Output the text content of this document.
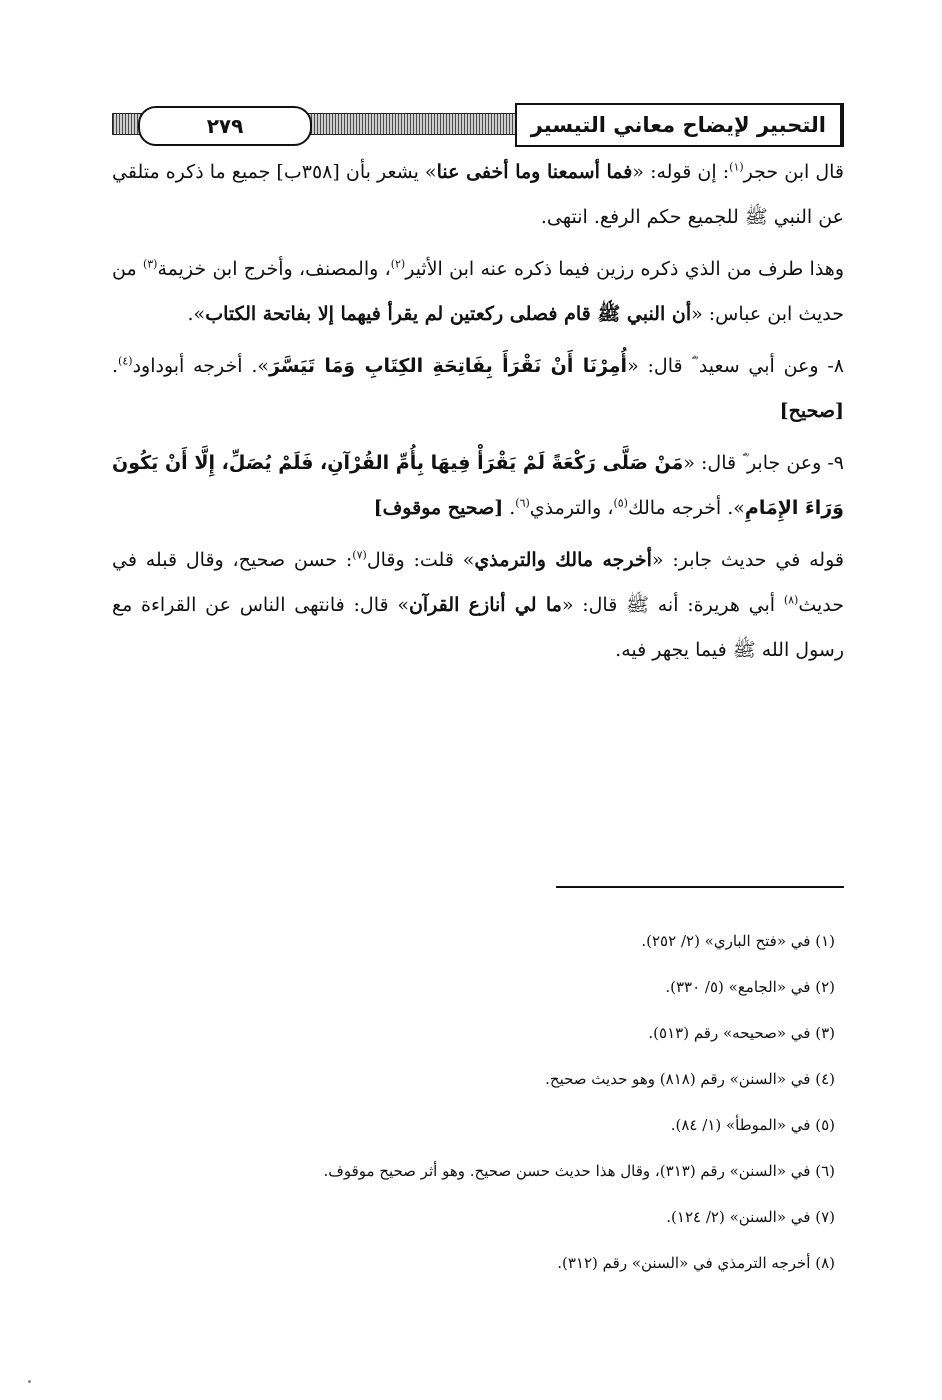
٢٧٩	التحبير لإيضاح معاني التيسير

قال ابن حجر$^{(١)}$: إن قوله: «فما أسمعنا وما أخفى عنا» يشعر بأن [٣٥٨ب] جميع ما ذكره متلقي عن النبي ﷺ للجميع حكم الرفع. انتهى.

وهذا طرف من الذي ذكره رزين فيما ذكره عنه ابن الأثير$^{(٢)}$، والمصنف، وأخرج ابن خزيمة$^{(٣)}$ من حديث ابن عباس: «أن النبي ﷺ قام فصلى ركعتين لم يقرأ فيهما إلا بفاتحة الكتاب».

٨- وعن أبي سعيد ؓ قال: «أُمِرْنَا أَنْ نَقْرَأَ بِفَاتِحَةِ الكِتَابِ وَمَا تَيَسَّرَ». أخرجه أبوداود$^{(٤)}$. [صحيح]

٩- وعن جابر ؓ قال: «مَنْ صَلَّى رَكْعَةً لَمْ يَقْرَأْ فِيهَا بِأُمِّ القُرْآنِ، فَلَمْ يُصَلِّ، إِلَّا أَنْ يَكُونَ وَرَاءَ الإِمَامِ». أخرجه مالك$^{(٥)}$، والترمذي$^{(٦)}$. [صحيح موقوف]

قوله في حديث جابر: «أخرجه مالك والترمذي» قلت: وقال$^{(٧)}$: حسن صحيح، وقال قبله في حديث$^{(٨)}$ أبي هريرة: أنه ﷺ قال: «ما لي أنازع القرآن» قال: فانتهى الناس عن القراءة مع رسول الله ﷺ فيما يجهر فيه.

(١) في «فتح الباري» (٢/ ٢٥٢).
(٢) في «الجامع» (٥/ ٣٣٠).
(٣) في «صحيحه» رقم (٥١٣).
(٤) في «السنن» رقم (٨١٨) وهو حديث صحيح.
(٥) في «الموطأ» (١/ ٨٤).
(٦) في «السنن» رقم (٣١٣)، وقال هذا حديث حسن صحيح. وهو أثر صحيح موقوف.
(٧) في «السنن» (٢/ ١٢٤).
(٨) أخرجه الترمذي في «السنن» رقم (٣١٢).
